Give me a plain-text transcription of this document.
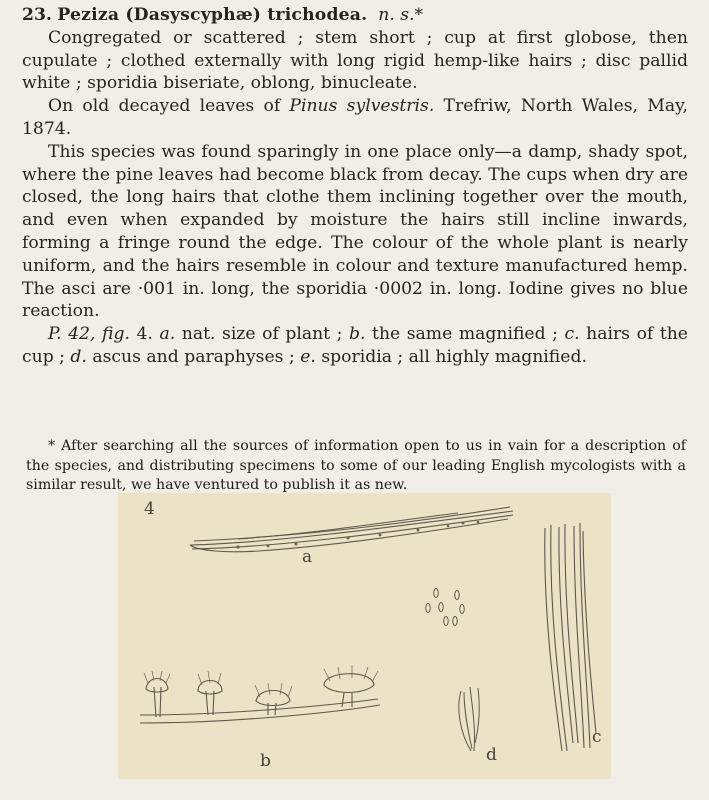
23. Peziza (Dasyscyphæ) trichodea. n. s.*

Congregated or scattered ; stem short ; cup at first globose, then cupulate ; clothed externally with long rigid hemp-like hairs ; disc pallid white ; sporidia biseriate, oblong, binucleate.

On old decayed leaves of Pinus sylvestris. Trefriw, North Wales, May, 1874.

This species was found sparingly in one place only—a damp, shady spot, where the pine leaves had become black from decay. The cups when dry are closed, the long hairs that clothe them inclining together over the mouth, and even when expanded by moisture the hairs still incline inwards, forming a fringe round the edge. The colour of the whole plant is nearly uniform, and the hairs resemble in colour and texture manufactured hemp. The asci are ·001 in. long, the sporidia ·0002 in. long. Iodine gives no blue reaction.

P. 42, fig. 4. a. nat. size of plant ; b. the same magnified ; c. hairs of the cup ; d. ascus and paraphyses ; e. sporidia ; all highly magnified.

* After searching all the sources of information open to us in vain for a description of the species, and distributing specimens to some of our leading English mycologists with a similar result, we have ventured to publish it as new.
4
a
b
c
d
